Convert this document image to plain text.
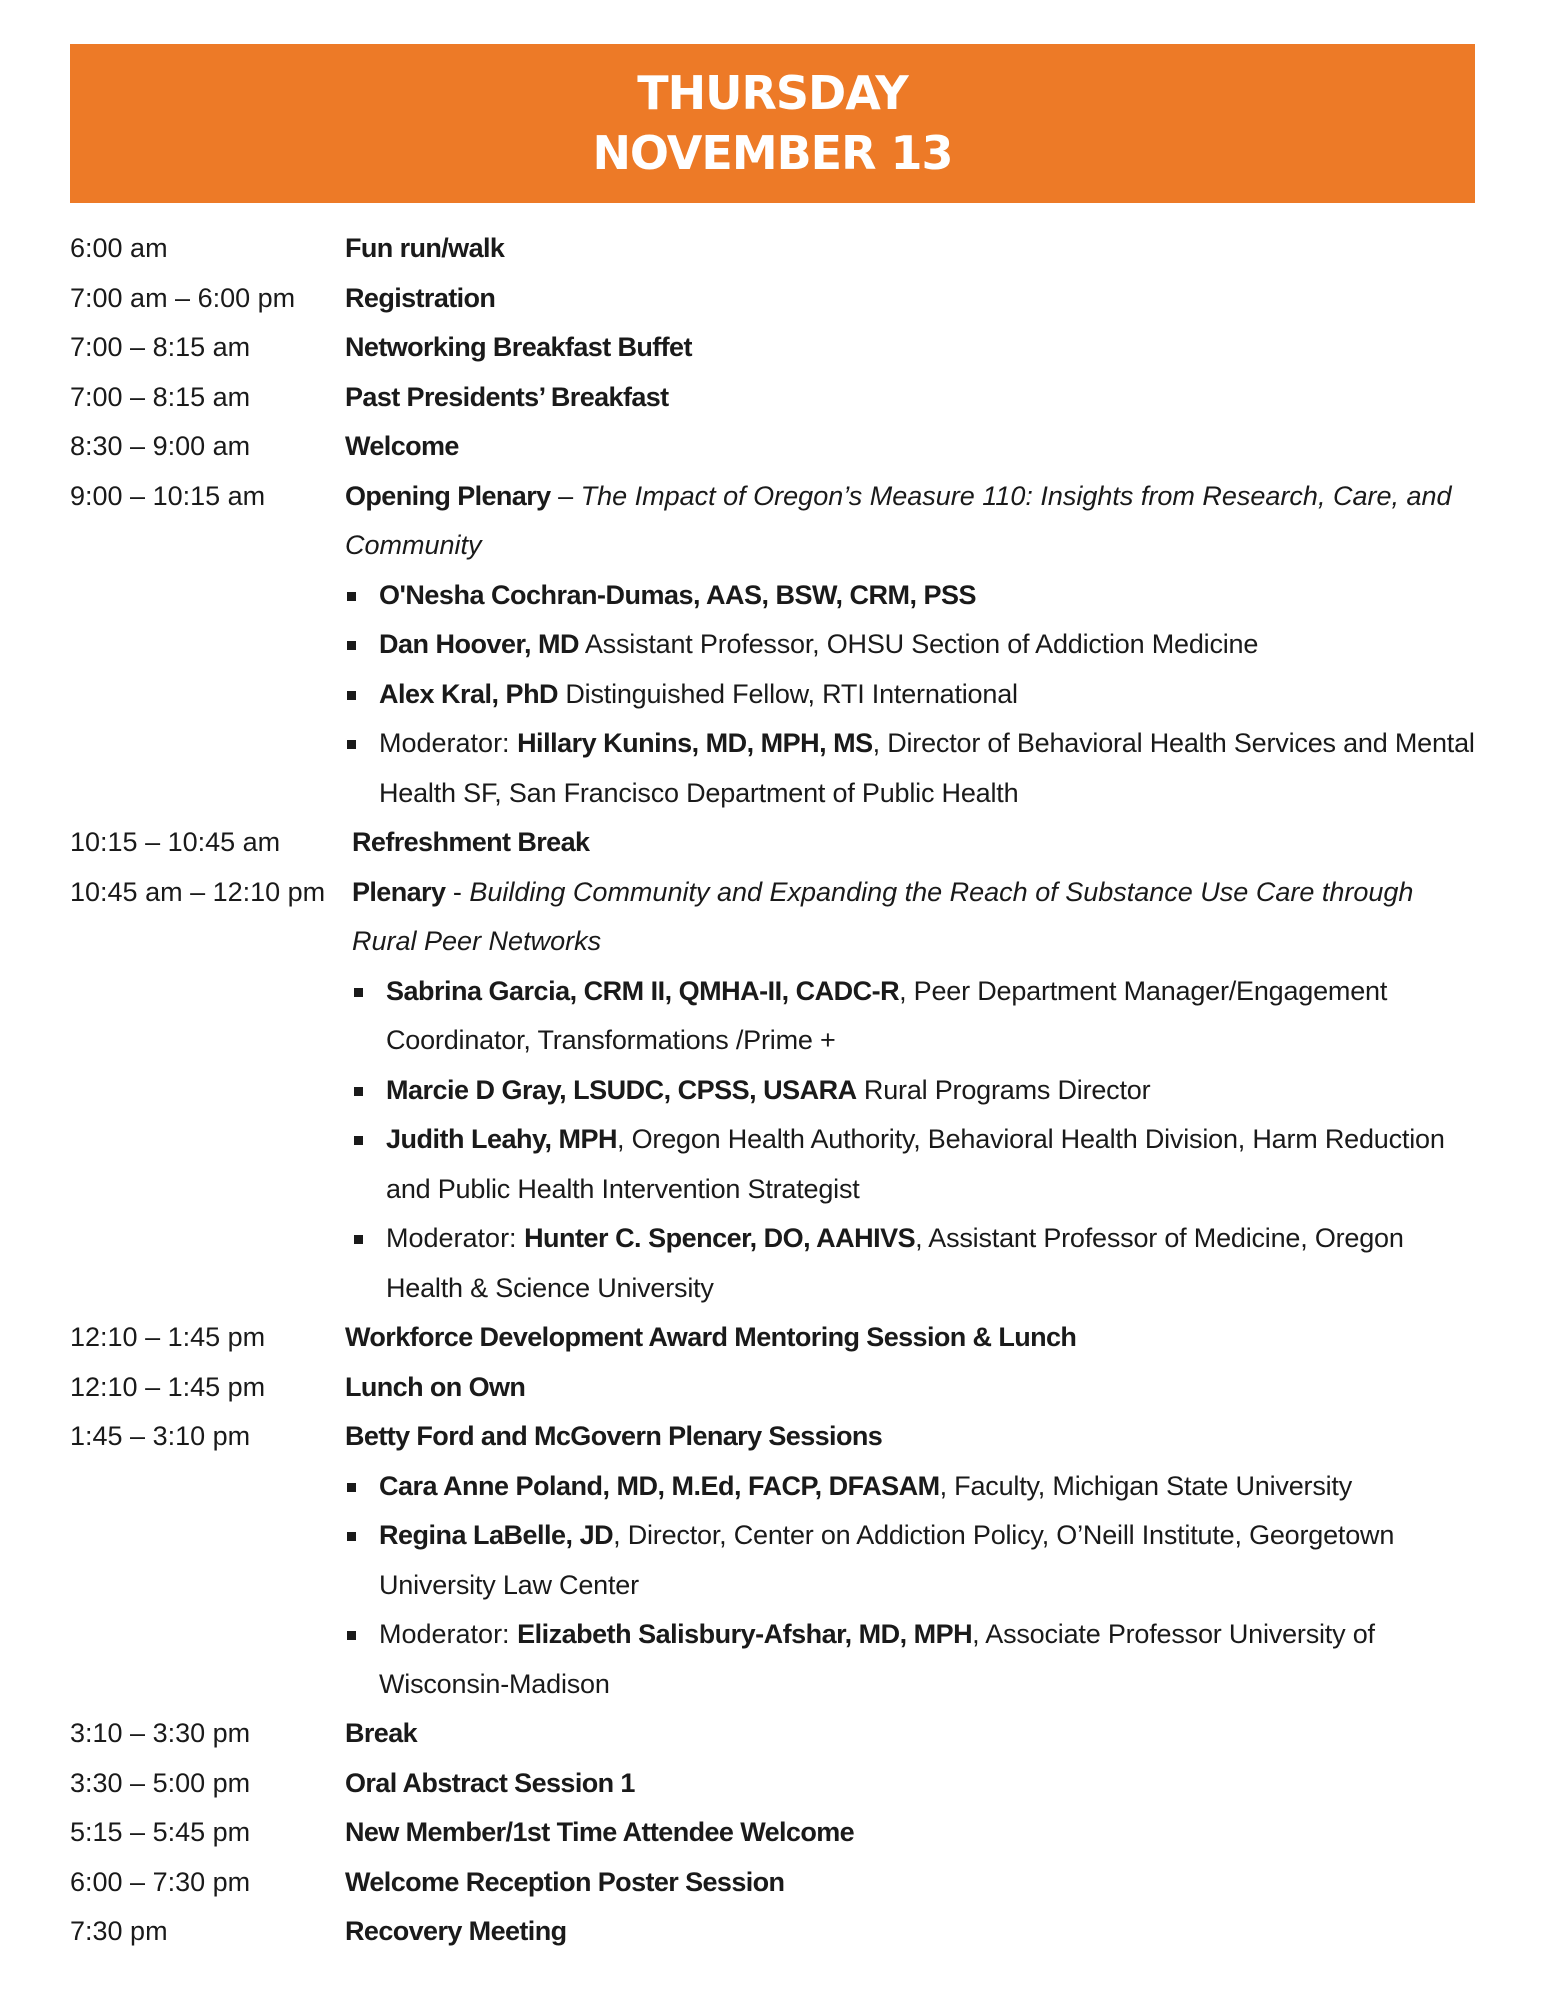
THURSDAY
NOVEMBER 13
6:00 am	Fun run/walk
7:00 am – 6:00 pm	Registration
7:00 – 8:15 am	Networking Breakfast Buffet
7:00 – 8:15 am	Past Presidents’ Breakfast
8:30 – 9:00 am	Welcome
9:00 – 10:15 am	Opening Plenary – The Impact of Oregon’s Measure 110: Insights from Research, Care, and Community
O'Nesha Cochran-Dumas, AAS, BSW, CRM, PSS
Dan Hoover, MD Assistant Professor, OHSU Section of Addiction Medicine
Alex Kral, PhD Distinguished Fellow, RTI International
Moderator: Hillary Kunins, MD, MPH, MS, Director of Behavioral Health Services and Mental Health SF, San Francisco Department of Public Health
10:15 – 10:45 am	Refreshment Break
10:45 am – 12:10 pm Plenary - Building Community and Expanding the Reach of Substance Use Care through Rural Peer Networks
Sabrina Garcia, CRM II, QMHA-II, CADC-R, Peer Department Manager/Engagement Coordinator, Transformations /Prime +
Marcie D Gray, LSUDC, CPSS, USARA Rural Programs Director
Judith Leahy, MPH, Oregon Health Authority, Behavioral Health Division, Harm Reduction and Public Health Intervention Strategist
Moderator: Hunter C. Spencer, DO, AAHIVS, Assistant Professor of Medicine, Oregon Health & Science University
12:10 – 1:45 pm	Workforce Development Award Mentoring Session & Lunch
12:10 – 1:45 pm	Lunch on Own
1:45 – 3:10 pm	Betty Ford and McGovern Plenary Sessions
Cara Anne Poland, MD, M.Ed, FACP, DFASAM, Faculty, Michigan State University
Regina LaBelle, JD, Director, Center on Addiction Policy, O’Neill Institute, Georgetown University Law Center
Moderator: Elizabeth Salisbury-Afshar, MD, MPH, Associate Professor University of Wisconsin-Madison
3:10 – 3:30 pm	Break
3:30 – 5:00 pm	Oral Abstract Session 1
5:15 – 5:45 pm	New Member/1st Time Attendee Welcome
6:00 – 7:30 pm	Welcome Reception Poster Session
7:30 pm	Recovery Meeting
